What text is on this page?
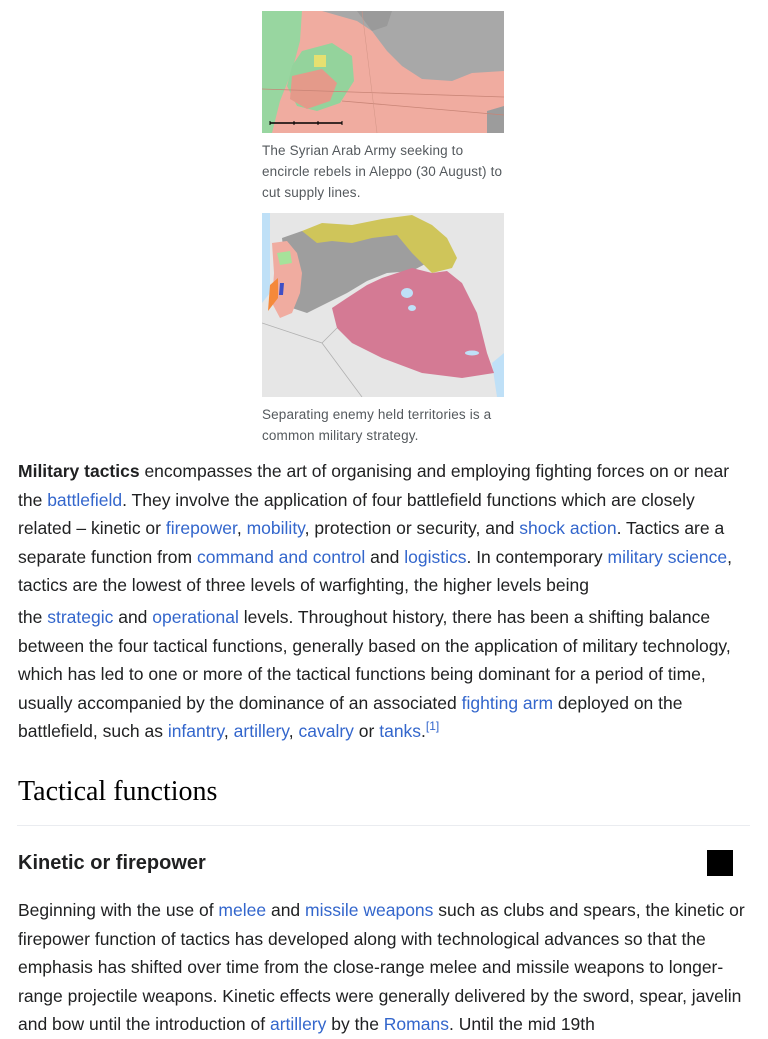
The Syrian Arab Army seeking to encircle rebels in Aleppo (30 August) to cut supply lines.
Separating enemy held territories is a common military strategy.

Military tactics encompasses the art of organising and employing fighting forces on or near the battlefield. They involve the application of four battlefield functions which are closely related – kinetic or firepower, mobility, protection or security, and shock action. Tactics are a separate function from command and control and logistics. In contemporary military science, tactics are the lowest of three levels of warfighting, the higher levels being

the strategic and operational levels. Throughout history, there has been a shifting balance between the four tactical functions, generally based on the application of military technology, which has led to one or more of the tactical functions being dominant for a period of time, usually accompanied by the dominance of an associated fighting arm deployed on the battlefield, such as infantry, artillery, cavalry or tanks.[1]

Tactical functions
Kinetic or firepower

Beginning with the use of melee and missile weapons such as clubs and spears, the kinetic or firepower function of tactics has developed along with technological advances so that the emphasis has shifted over time from the close-range melee and missile weapons to longer-range projectile weapons. Kinetic effects were generally delivered by the sword, spear, javelin and bow until the introduction of artillery by the Romans. Until the mid 19th
